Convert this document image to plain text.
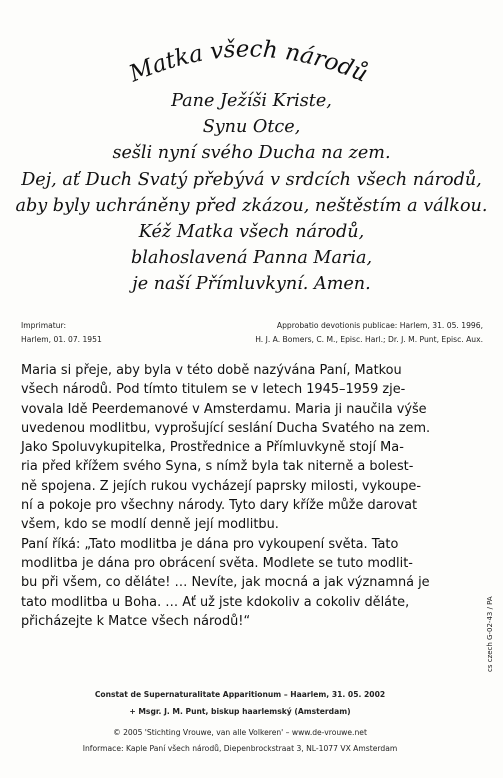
Matka všech národů
Pane Ježíši Kriste,
Synu Otce,
sešli nyní svého Ducha na zem.
Dej, ať Duch Svatý přebývá v srdcích všech národů,
aby byly uchráněny před zkázou, neštěstím a válkou.
Kéž Matka všech národů,
blahoslavená Panna Maria,
je naší Přímluvkyní. Amen.
Imprimatur:
Harlem, 01. 07. 1951
Approbatio devotionis publicae: Harlem, 31. 05. 1996,
H. J. A. Bomers, C. M., Episc. Harl.; Dr. J. M. Punt, Episc. Aux.

Maria si přeje, aby byla v této době nazývána Paní, Matkou
všech národů. Pod tímto titulem se v letech 1945–1959 zje-
vovala Idě Peerdemanové v Amsterdamu. Maria ji naučila výše
uvedenou modlitbu, vyprošující seslání Ducha Svatého na zem.
Jako Spoluvykupitelka, Prostřednice a Přímluvkyně stojí Ma-
ria před křížem svého Syna, s nímž byla tak niterně a bolest-
ně spojena. Z jejích rukou vycházejí paprsky milosti, vykoupe-
ní a pokoje pro všechny národy. Tyto dary kříže může darovat
všem, kdo se modlí denně její modlitbu.

Paní říká: „Tato modlitba je dána pro vykoupení světa. Tato
modlitba je dána pro obrácení světa. Modlete se tuto modlit-
bu při všem, co děláte! … Nevíte, jak mocná a jak významná je
tato modlitba u Boha. … Ať už jste kdokoliv a cokoliv děláte,
přicházejte k Matce všech národů!“

Constat de Supernaturalitate Apparitionum – Haarlem, 31. 05. 2002
+ Msgr. J. M. Punt, biskup haarlemský (Amsterdam)
© 2005 'Stichting Vrouwe, van alle Volkeren' – www.de-vrouwe.net
Informace: Kaple Paní všech národů, Diepenbrockstraat 3, NL-1077 VX Amsterdam
cs czech G-02-43 / PA
